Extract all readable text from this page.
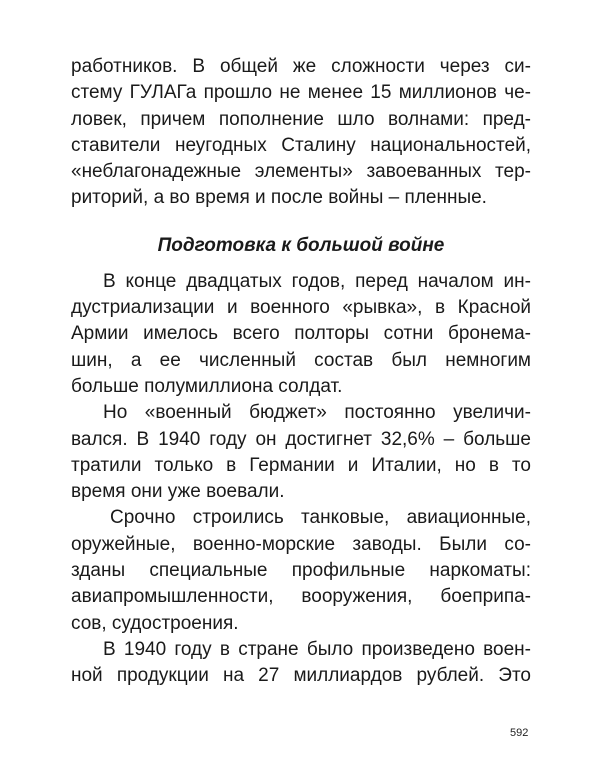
работников. В общей же сложности через си-
стему ГУЛАГа прошло не менее 15 миллионов че-
ловек, причем пополнение шло волнами: пред-
ставители неугодных Сталину национальностей,
«неблагонадежные элементы» завоеванных тер-
риторий, а во время и после войны – пленные.
Подготовка к большой войне
В конце двадцатых годов, перед началом ин-
дустриализации и военного «рывка», в Красной
Армии имелось всего полторы сотни бронема-
шин, а ее численный состав был немногим
больше полумиллиона солдат.
Но «военный бюджет» постоянно увеличи-
вался. В 1940 году он достигнет 32,6% – больше
тратили только в Германии и Италии, но в то
время они уже воевали.
Срочно строились танковые, авиационные,
оружейные, военно-морские заводы. Были со-
зданы специальные профильные наркоматы:
авиапромышленности, вооружения, боеприпа-
сов, судостроения.
В 1940 году в стране было произведено воен-
ной продукции на 27 миллиардов рублей. Это
592
